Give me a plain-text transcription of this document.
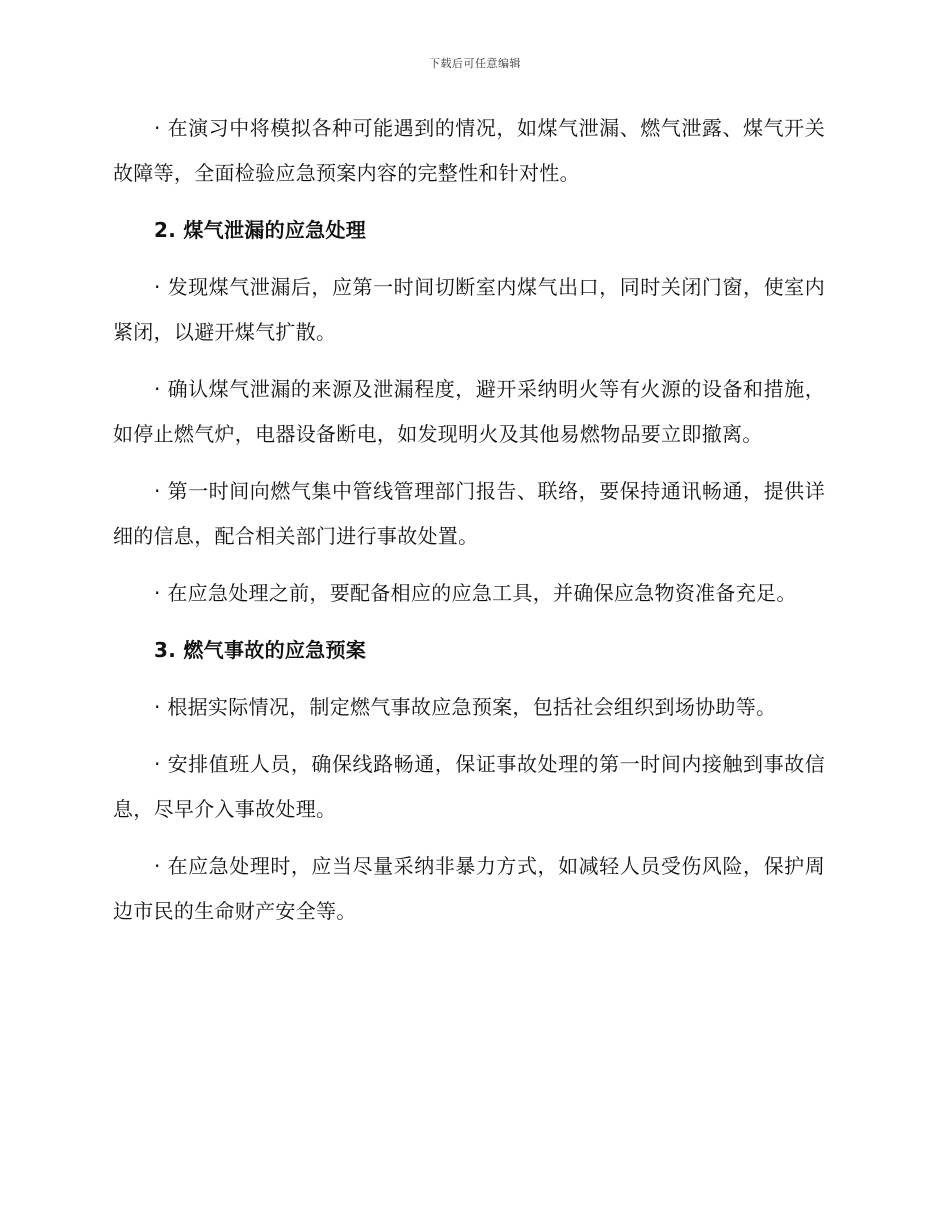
下载后可任意编辑

· 在演习中将模拟各种可能遇到的情况，如煤气泄漏、燃气泄露、煤气开关故障等，全面检验应急预案内容的完整性和针对性。

2. 煤气泄漏的应急处理

· 发现煤气泄漏后，应第一时间切断室内煤气出口，同时关闭门窗，使室内紧闭，以避开煤气扩散。

· 确认煤气泄漏的来源及泄漏程度，避开采纳明火等有火源的设备和措施，如停止燃气炉，电器设备断电，如发现明火及其他易燃物品要立即撤离。

· 第一时间向燃气集中管线管理部门报告、联络，要保持通讯畅通，提供详细的信息，配合相关部门进行事故处置。

· 在应急处理之前，要配备相应的应急工具，并确保应急物资准备充足。

3. 燃气事故的应急预案

· 根据实际情况，制定燃气事故应急预案，包括社会组织到场协助等。

· 安排值班人员，确保线路畅通，保证事故处理的第一时间内接触到事故信息，尽早介入事故处理。

· 在应急处理时，应当尽量采纳非暴力方式，如减轻人员受伤风险，保护周边市民的生命财产安全等。
